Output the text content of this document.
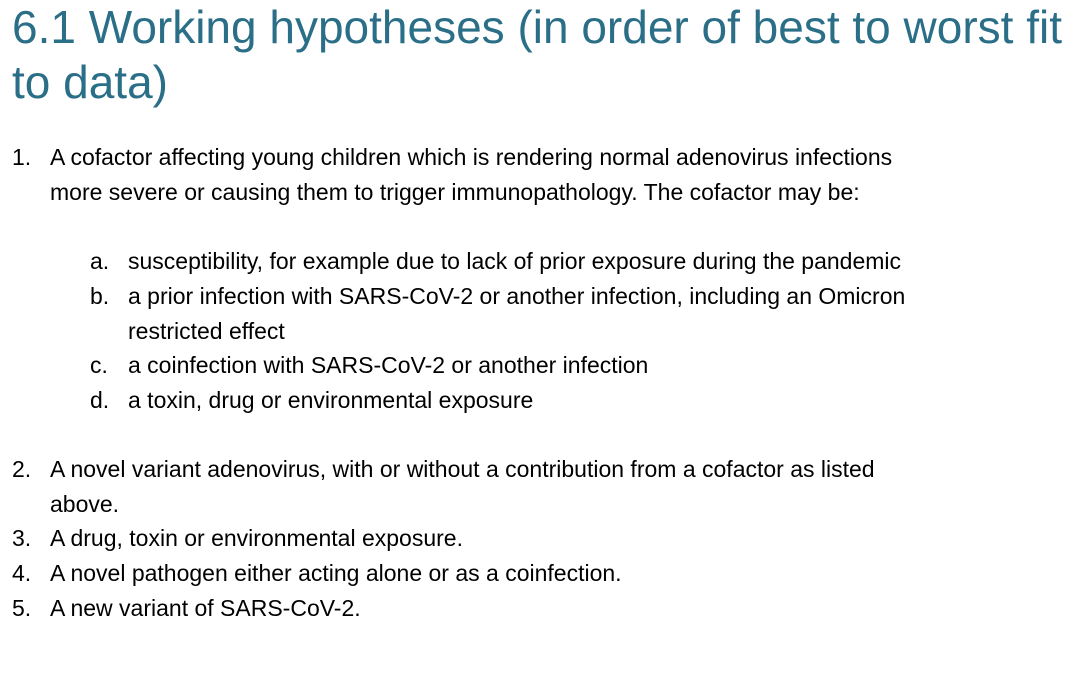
6.1 Working hypotheses (in order of best to worst fit
to data)
1. A cofactor affecting young children which is rendering normal adenovirus infections
more severe or causing them to trigger immunopathology. The cofactor may be:
a. susceptibility, for example due to lack of prior exposure during the pandemic
b. a prior infection with SARS-CoV-2 or another infection, including an Omicron
restricted effect
c. a coinfection with SARS-CoV-2 or another infection
d. a toxin, drug or environmental exposure
2. A novel variant adenovirus, with or without a contribution from a cofactor as listed
above.
3. A drug, toxin or environmental exposure.
4. A novel pathogen either acting alone or as a coinfection.
5. A new variant of SARS-CoV-2.
